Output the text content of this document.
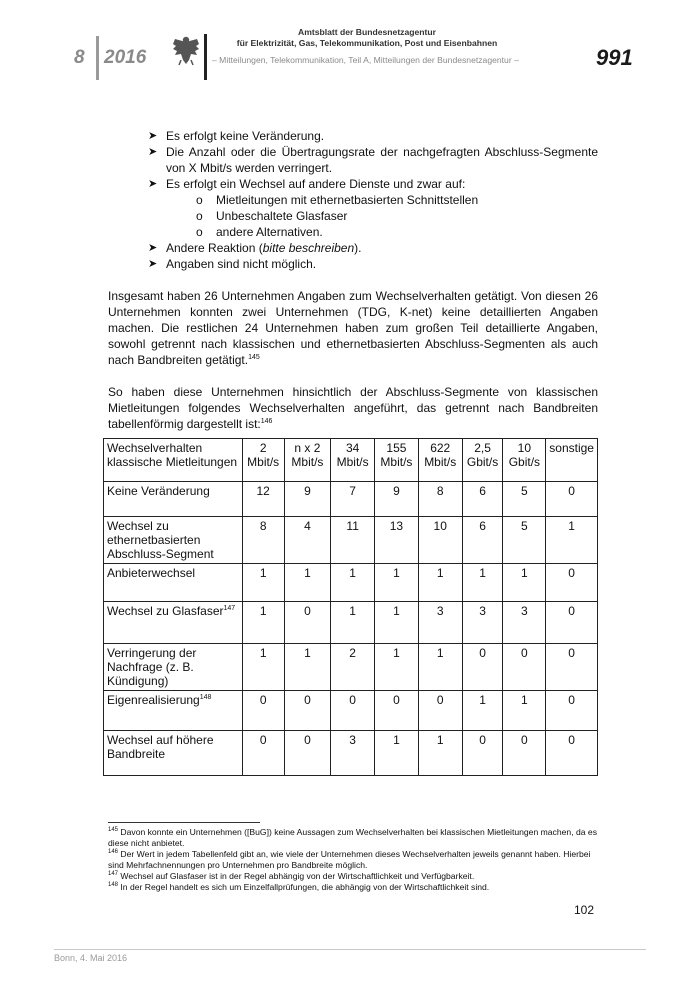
8 2016
Amtsblatt der Bundesnetzagentur
für Elektrizität, Gas, Telekommunikation, Post und Eisenbahnen
– Mitteilungen, Telekommunikation, Teil A, Mitteilungen der Bundesnetzagentur –	991
➤ Es erfolgt keine Veränderung.
➤ Die Anzahl oder die Übertragungsrate der nachgefragten Abschluss-Segmente von X Mbit/s werden verringert.
➤ Es erfolgt ein Wechsel auf andere Dienste und zwar auf:
o Mietleitungen mit ethernetbasierten Schnittstellen
o Unbeschaltete Glasfaser
o andere Alternativen.
➤ Andere Reaktion (bitte beschreiben).
➤ Angaben sind nicht möglich.

Insgesamt haben 26 Unternehmen Angaben zum Wechselverhalten getätigt. Von diesen 26 Unternehmen konnten zwei Unternehmen (TDG, K-net) keine detaillierten Angaben machen. Die restlichen 24 Unternehmen haben zum großen Teil detaillierte Angaben, sowohl getrennt nach klassischen und ethernetbasierten Abschluss-Segmenten als auch nach Bandbreiten getätigt.$^{145}$

So haben diese Unternehmen hinsichtlich der Abschluss-Segmente von klassischen Mietleitungen folgendes Wechselverhalten angeführt, das getrennt nach Bandbreiten tabellenförmig dargestellt ist:$^{146}$

Wechselverhalten klassische Mietleitungen	2 Mbit/s	n x 2 Mbit/s	34 Mbit/s	155 Mbit/s	622 Mbit/s	2,5 Gbit/s	10 Gbit/s	sonstige
Keine Veränderung	12	9	7	9	8	6	5	0
Wechsel zu ethernetbasierten Abschluss-Segment	8	4	11	13	10	6	5	1
Anbieterwechsel	1	1	1	1	1	1	1	0
Wechsel zu Glasfaser$^{147}$	1	0	1	1	3	3	3	0
Verringerung der Nachfrage (z. B. Kündigung)	1	1	2	1	1	0	0	0
Eigenrealisierung$^{148}$	0	0	0	0	0	1	1	0
Wechsel auf höhere Bandbreite	0	0	3	1	1	0	0	0
$^{145}$ Davon konnte ein Unternehmen ([BuG]) keine Aussagen zum Wechselverhalten bei klassischen Mietleitungen machen, da es diese nicht anbietet.
$^{146}$ Der Wert in jedem Tabellenfeld gibt an, wie viele der Unternehmen dieses Wechselverhalten jeweils genannt haben. Hierbei sind Mehrfachnennungen pro Unternehmen pro Bandbreite möglich.
$^{147}$ Wechsel auf Glasfaser ist in der Regel abhängig von der Wirtschaftlichkeit und Verfügbarkeit.
$^{148}$ In der Regel handelt es sich um Einzelfallprüfungen, die abhängig von der Wirtschaftlichkeit sind.
102
Bonn, 4. Mai 2016
